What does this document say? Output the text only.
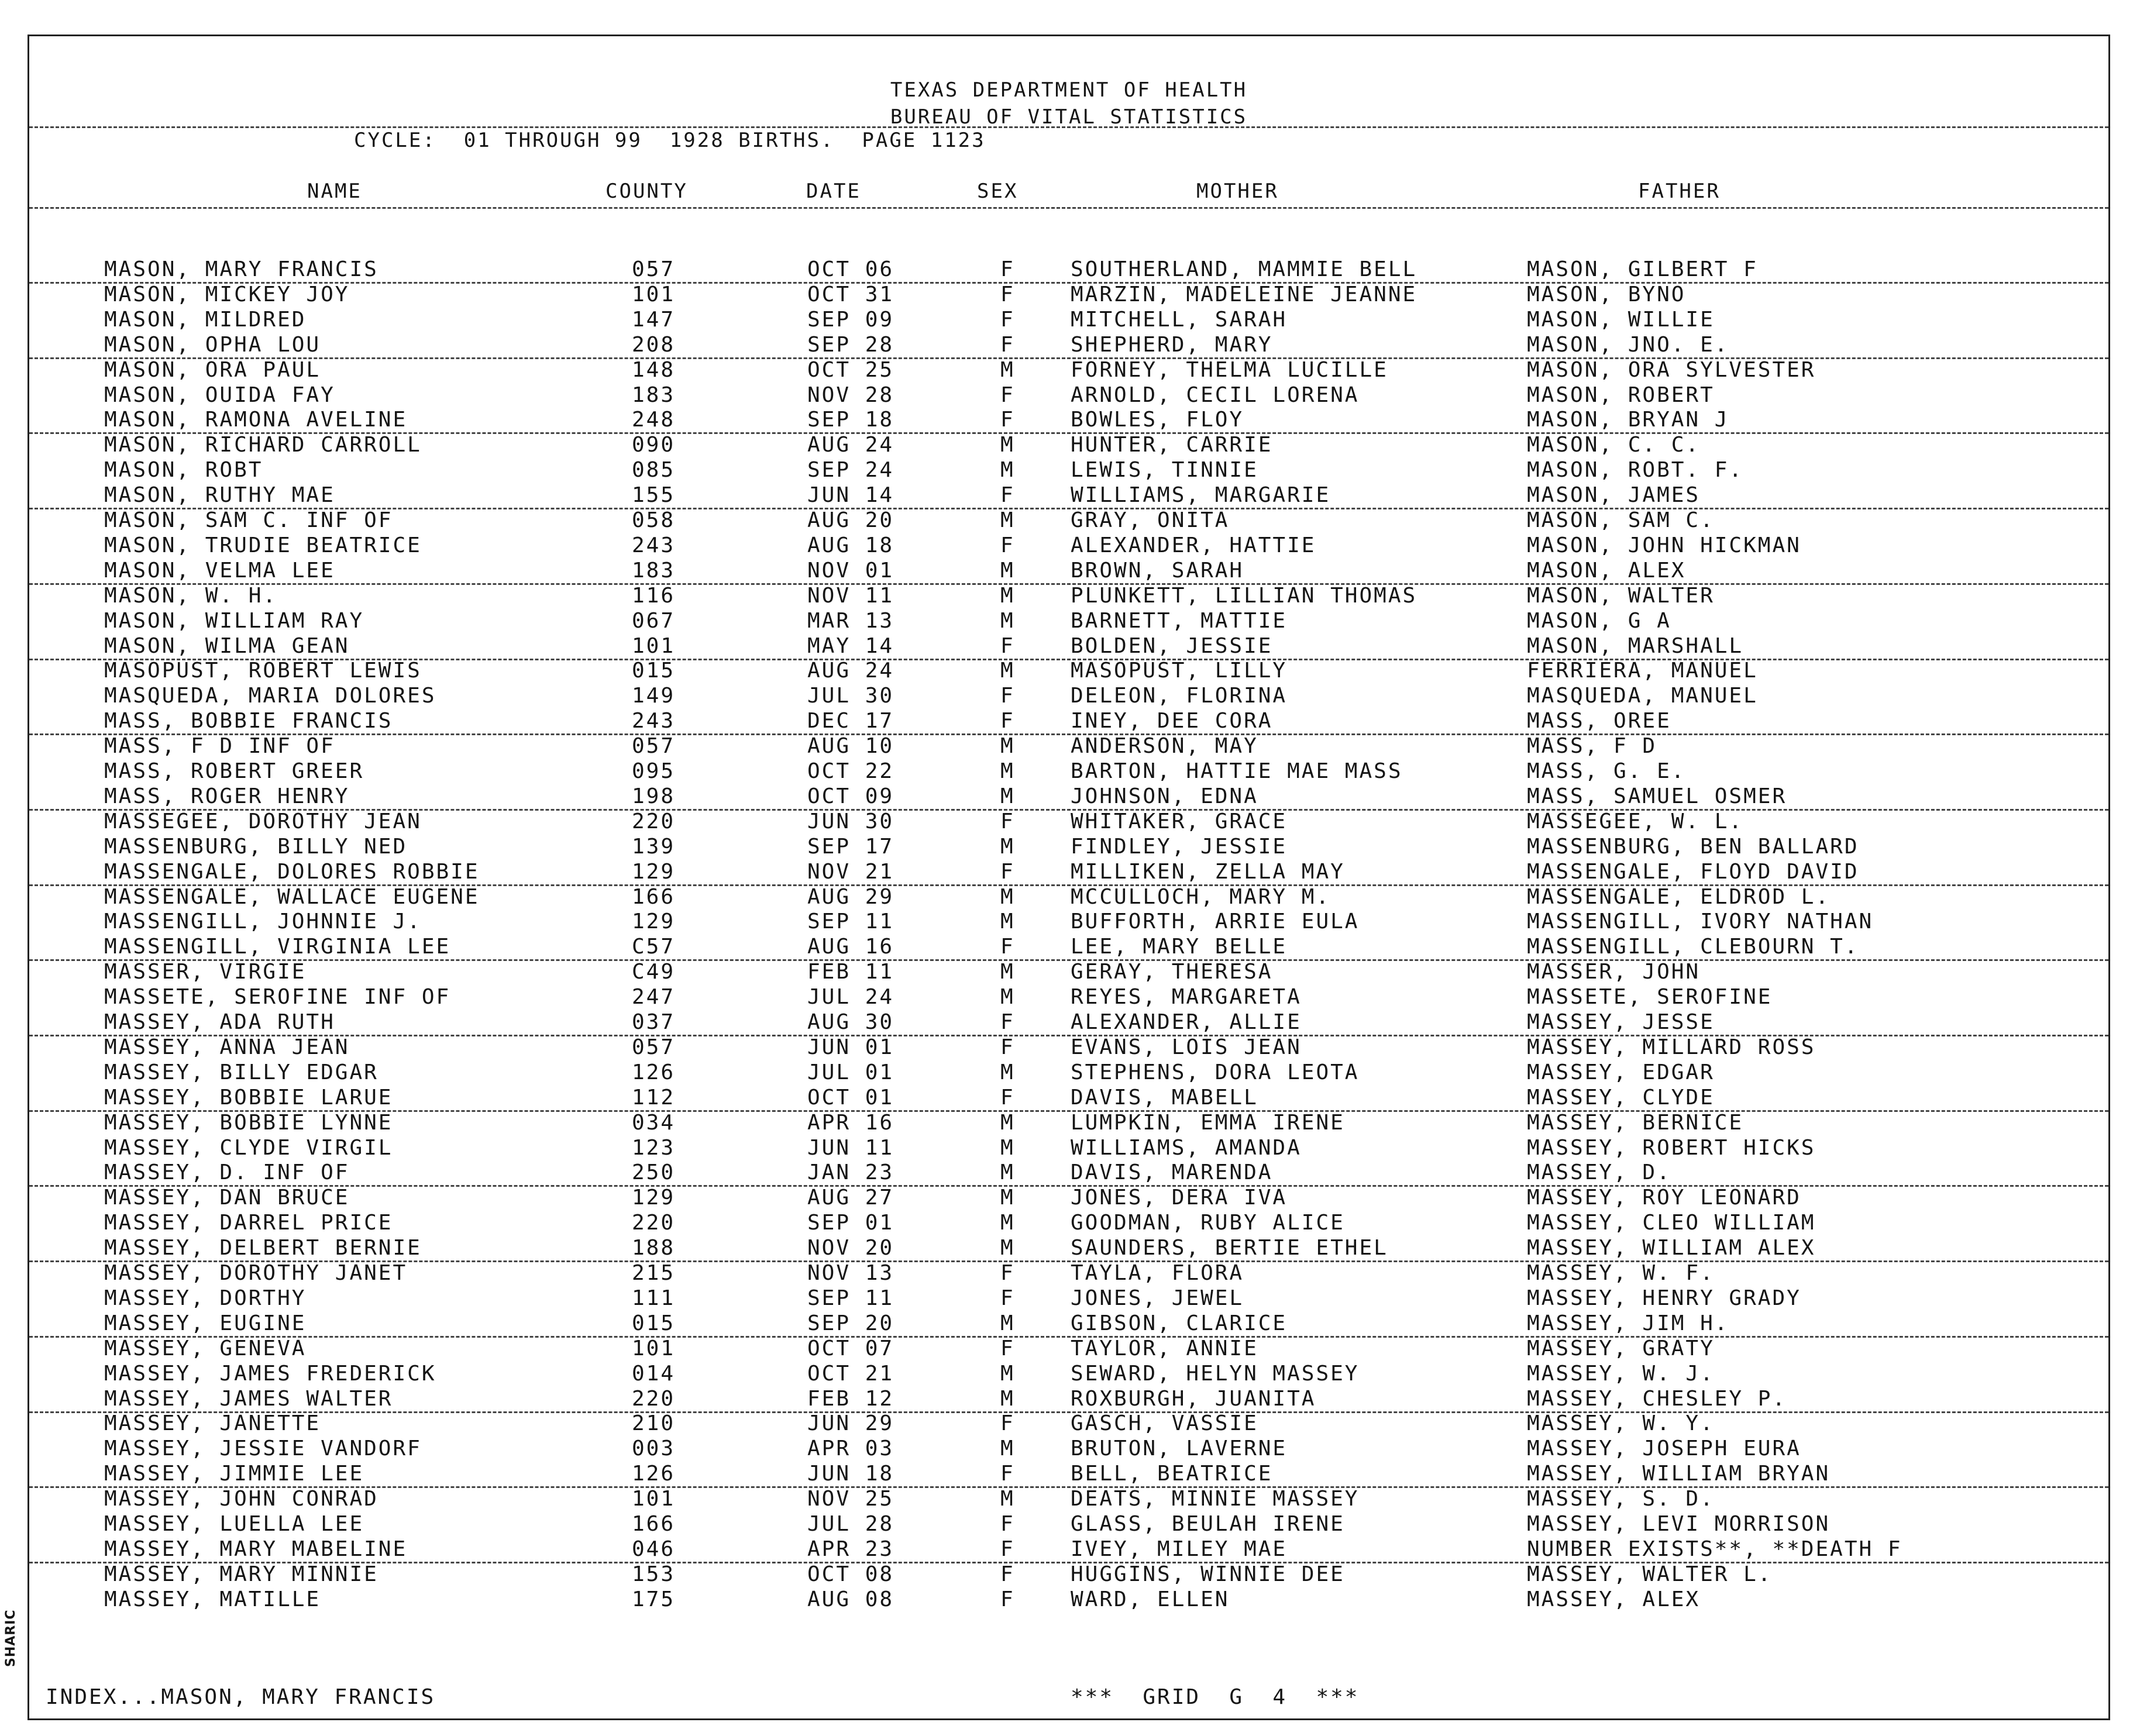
TEXAS DEPARTMENT OF HEALTH
BUREAU OF VITAL STATISTICS
CYCLE:  01 THROUGH 99  1928 BIRTHS.  PAGE 1123
NAME	COUNTY	DATE	SEX	MOTHER	FATHER
MASON, MARY FRANCIS	057	OCT 06	F	SOUTHERLAND, MAMMIE BELL	MASON, GILBERT F
MASON, MICKEY JOY	101	OCT 31	F	MARZIN, MADELEINE JEANNE	MASON, BYNO
MASON, MILDRED	147	SEP 09	F	MITCHELL, SARAH	MASON, WILLIE
MASON, OPHA LOU	208	SEP 28	F	SHEPHERD, MARY	MASON, JNO. E.
MASON, ORA PAUL	148	OCT 25	M	FORNEY, THELMA LUCILLE	MASON, ORA SYLVESTER
MASON, OUIDA FAY	183	NOV 28	F	ARNOLD, CECIL LORENA	MASON, ROBERT
MASON, RAMONA AVELINE	248	SEP 18	F	BOWLES, FLOY	MASON, BRYAN J
MASON, RICHARD CARROLL	090	AUG 24	M	HUNTER, CARRIE	MASON, C. C.
MASON, ROBT	085	SEP 24	M	LEWIS, TINNIE	MASON, ROBT. F.
MASON, RUTHY MAE	155	JUN 14	F	WILLIAMS, MARGARIE	MASON, JAMES
MASON, SAM C. INF OF	058	AUG 20	M	GRAY, ONITA	MASON, SAM C.
MASON, TRUDIE BEATRICE	243	AUG 18	F	ALEXANDER, HATTIE	MASON, JOHN HICKMAN
MASON, VELMA LEE	183	NOV 01	M	BROWN, SARAH	MASON, ALEX
MASON, W. H.	116	NOV 11	M	PLUNKETT, LILLIAN THOMAS	MASON, WALTER
MASON, WILLIAM RAY	067	MAR 13	M	BARNETT, MATTIE	MASON, G A
MASON, WILMA GEAN	101	MAY 14	F	BOLDEN, JESSIE	MASON, MARSHALL
MASOPUST, ROBERT LEWIS	015	AUG 24	M	MASOPUST, LILLY	FERRIERA, MANUEL
MASQUEDA, MARIA DOLORES	149	JUL 30	F	DELEON, FLORINA	MASQUEDA, MANUEL
MASS, BOBBIE FRANCIS	243	DEC 17	F	INEY, DEE CORA	MASS, OREE
MASS, F D INF OF	057	AUG 10	M	ANDERSON, MAY	MASS, F D
MASS, ROBERT GREER	095	OCT 22	M	BARTON, HATTIE MAE MASS	MASS, G. E.
MASS, ROGER HENRY	198	OCT 09	M	JOHNSON, EDNA	MASS, SAMUEL OSMER
MASSEGEE, DOROTHY JEAN	220	JUN 30	F	WHITAKER, GRACE	MASSEGEE, W. L.
MASSENBURG, BILLY NED	139	SEP 17	M	FINDLEY, JESSIE	MASSENBURG, BEN BALLARD
MASSENGALE, DOLORES ROBBIE	129	NOV 21	F	MILLIKEN, ZELLA MAY	MASSENGALE, FLOYD DAVID
MASSENGALE, WALLACE EUGENE	166	AUG 29	M	MCCULLOCH, MARY M.	MASSENGALE, ELDROD L.
MASSENGILL, JOHNNIE J.	129	SEP 11	M	BUFFORTH, ARRIE EULA	MASSENGILL, IVORY NATHAN
MASSENGILL, VIRGINIA LEE	C57	AUG 16	F	LEE, MARY BELLE	MASSENGILL, CLEBOURN T.
MASSER, VIRGIE	C49	FEB 11	M	GERAY, THERESA	MASSER, JOHN
MASSETE, SEROFINE INF OF	247	JUL 24	M	REYES, MARGARETA	MASSETE, SEROFINE
MASSEY, ADA RUTH	037	AUG 30	F	ALEXANDER, ALLIE	MASSEY, JESSE
MASSEY, ANNA JEAN	057	JUN 01	F	EVANS, LOIS JEAN	MASSEY, MILLARD ROSS
MASSEY, BILLY EDGAR	126	JUL 01	M	STEPHENS, DORA LEOTA	MASSEY, EDGAR
MASSEY, BOBBIE LARUE	112	OCT 01	F	DAVIS, MABELL	MASSEY, CLYDE
MASSEY, BOBBIE LYNNE	034	APR 16	M	LUMPKIN, EMMA IRENE	MASSEY, BERNICE
MASSEY, CLYDE VIRGIL	123	JUN 11	M	WILLIAMS, AMANDA	MASSEY, ROBERT HICKS
MASSEY, D. INF OF	250	JAN 23	M	DAVIS, MARENDA	MASSEY, D.
MASSEY, DAN BRUCE	129	AUG 27	M	JONES, DERA IVA	MASSEY, ROY LEONARD
MASSEY, DARREL PRICE	220	SEP 01	M	GOODMAN, RUBY ALICE	MASSEY, CLEO WILLIAM
MASSEY, DELBERT BERNIE	188	NOV 20	M	SAUNDERS, BERTIE ETHEL	MASSEY, WILLIAM ALEX
MASSEY, DOROTHY JANET	215	NOV 13	F	TAYLA, FLORA	MASSEY, W. F.
MASSEY, DORTHY	111	SEP 11	F	JONES, JEWEL	MASSEY, HENRY GRADY
MASSEY, EUGINE	015	SEP 20	M	GIBSON, CLARICE	MASSEY, JIM H.
MASSEY, GENEVA	101	OCT 07	F	TAYLOR, ANNIE	MASSEY, GRATY
MASSEY, JAMES FREDERICK	014	OCT 21	M	SEWARD, HELYN MASSEY	MASSEY, W. J.
MASSEY, JAMES WALTER	220	FEB 12	M	ROXBURGH, JUANITA	MASSEY, CHESLEY P.
MASSEY, JANETTE	210	JUN 29	F	GASCH, VASSIE	MASSEY, W. Y.
MASSEY, JESSIE VANDORF	003	APR 03	M	BRUTON, LAVERNE	MASSEY, JOSEPH EURA
MASSEY, JIMMIE LEE	126	JUN 18	F	BELL, BEATRICE	MASSEY, WILLIAM BRYAN
MASSEY, JOHN CONRAD	101	NOV 25	M	DEATS, MINNIE MASSEY	MASSEY, S. D.
MASSEY, LUELLA LEE	166	JUL 28	F	GLASS, BEULAH IRENE	MASSEY, LEVI MORRISON
MASSEY, MARY MABELINE	046	APR 23	F	IVEY, MILEY MAE	NUMBER EXISTS**, **DEATH F
MASSEY, MARY MINNIE	153	OCT 08	F	HUGGINS, WINNIE DEE	MASSEY, WALTER L.
MASSEY, MATILLE	175	AUG 08	F	WARD, ELLEN	MASSEY, ALEX
INDEX...MASON, MARY FRANCIS	***  GRID  G  4  ***
SHARIC
